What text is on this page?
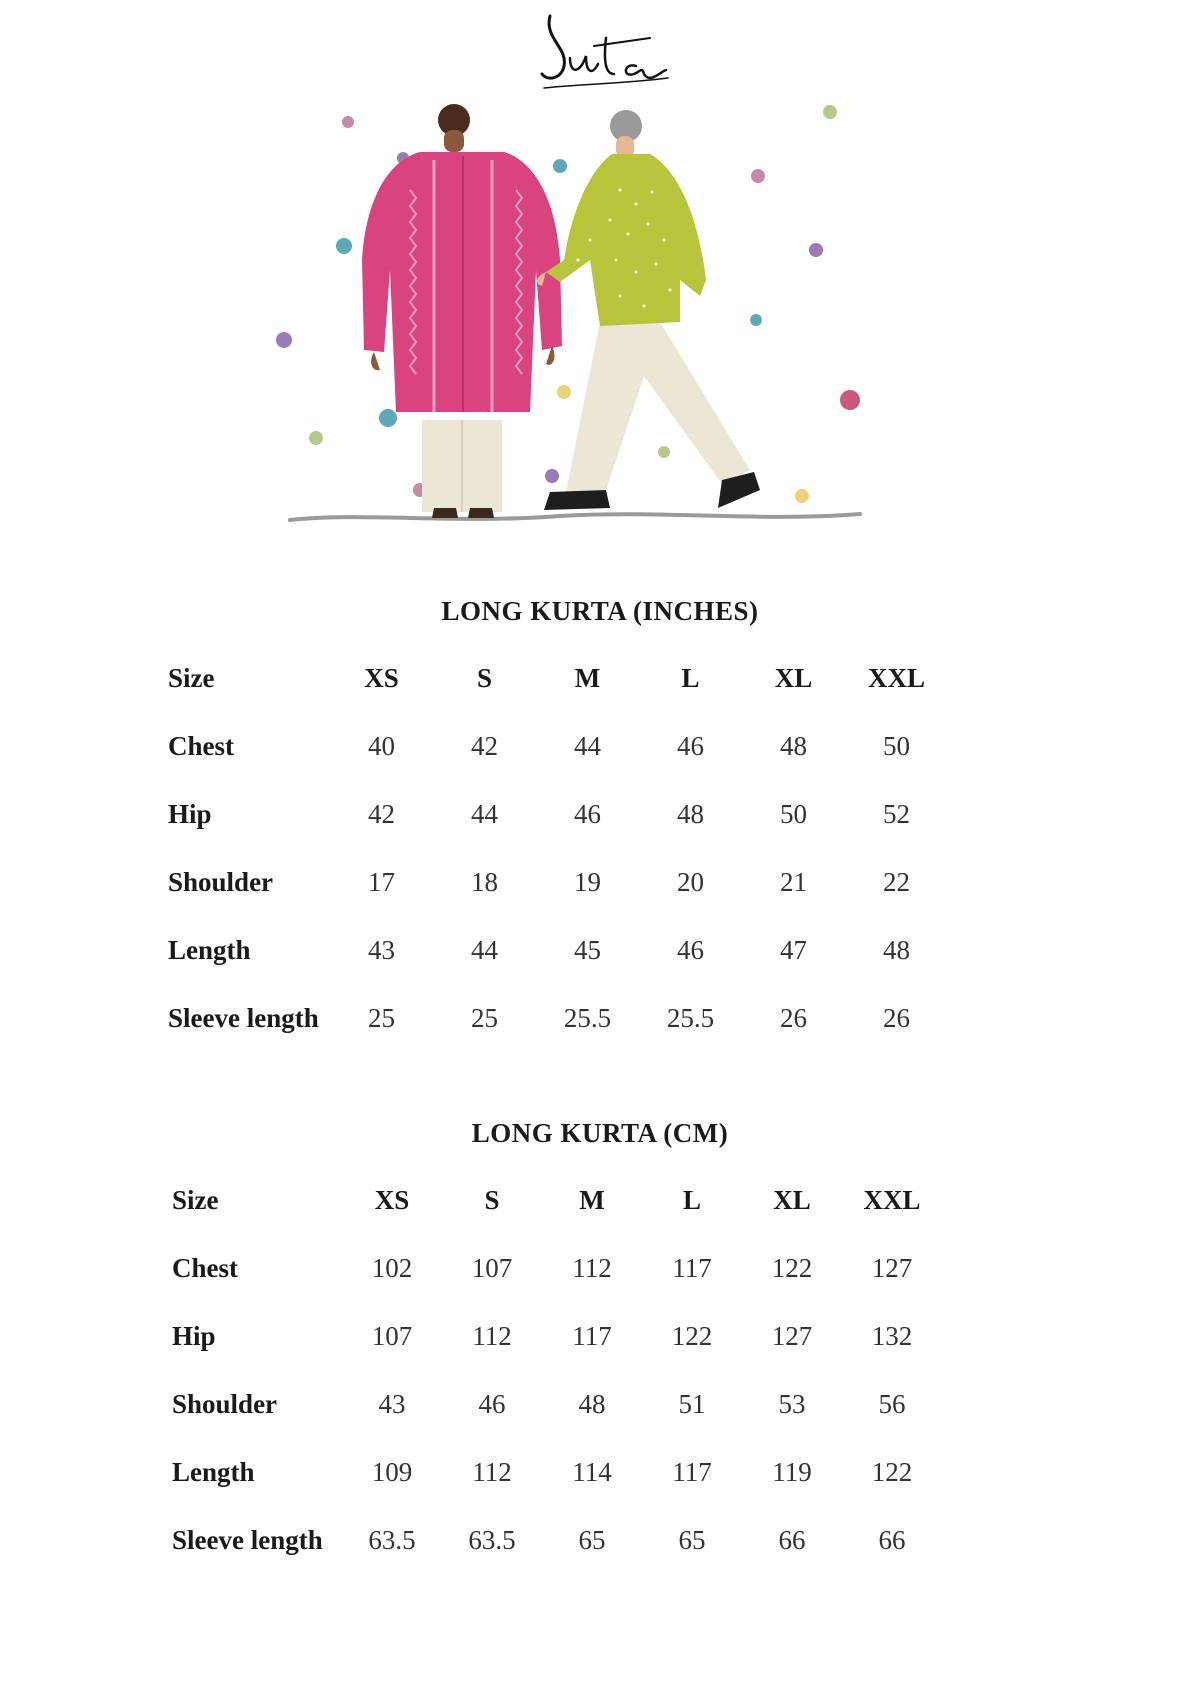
LONG KURTA (INCHES)
Size	XS	S	M	L	XL	XXL
Chest	40	42	44	46	48	50
Hip	42	44	46	48	50	52
Shoulder	17	18	19	20	21	22
Length	43	44	45	46	47	48
Sleeve length	25	25	25.5	25.5	26	26
LONG KURTA (CM)
Size	XS	S	M	L	XL	XXL
Chest	102	107	112	117	122	127
Hip	107	112	117	122	127	132
Shoulder	43	46	48	51	53	56
Length	109	112	114	117	119	122
Sleeve length	63.5	63.5	65	65	66	66
